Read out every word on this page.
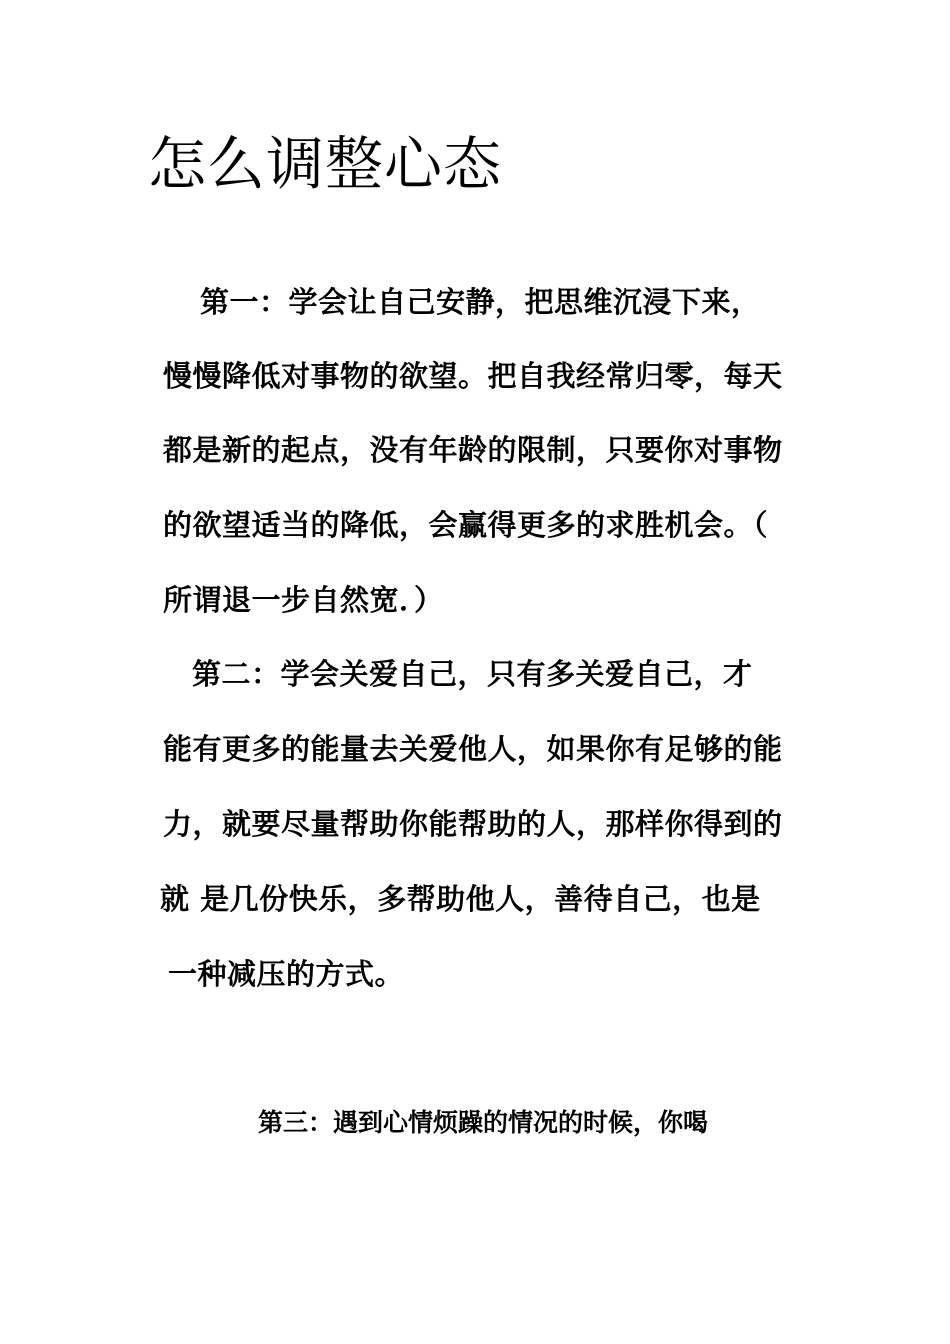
怎么调整心态
第一：学会让自己安静，把思维沉浸下来，
慢慢降低对事物的欲望。把自我经常归零，每天
都是新的起点，没有年龄的限制，只要你对事物
的欲望适当的降低，会赢得更多的求胜机会。（
所谓退一步自然宽．）
第二：学会关爱自己，只有多关爱自己，才
能有更多的能量去关爱他人，如果你有足够的能
力，就要尽量帮助你能帮助的人，那样你得到的
就 是几份快乐，多帮助他人，善待自己，也是
一种减压的方式。
第三：遇到心情烦躁的情况的时候，你喝
